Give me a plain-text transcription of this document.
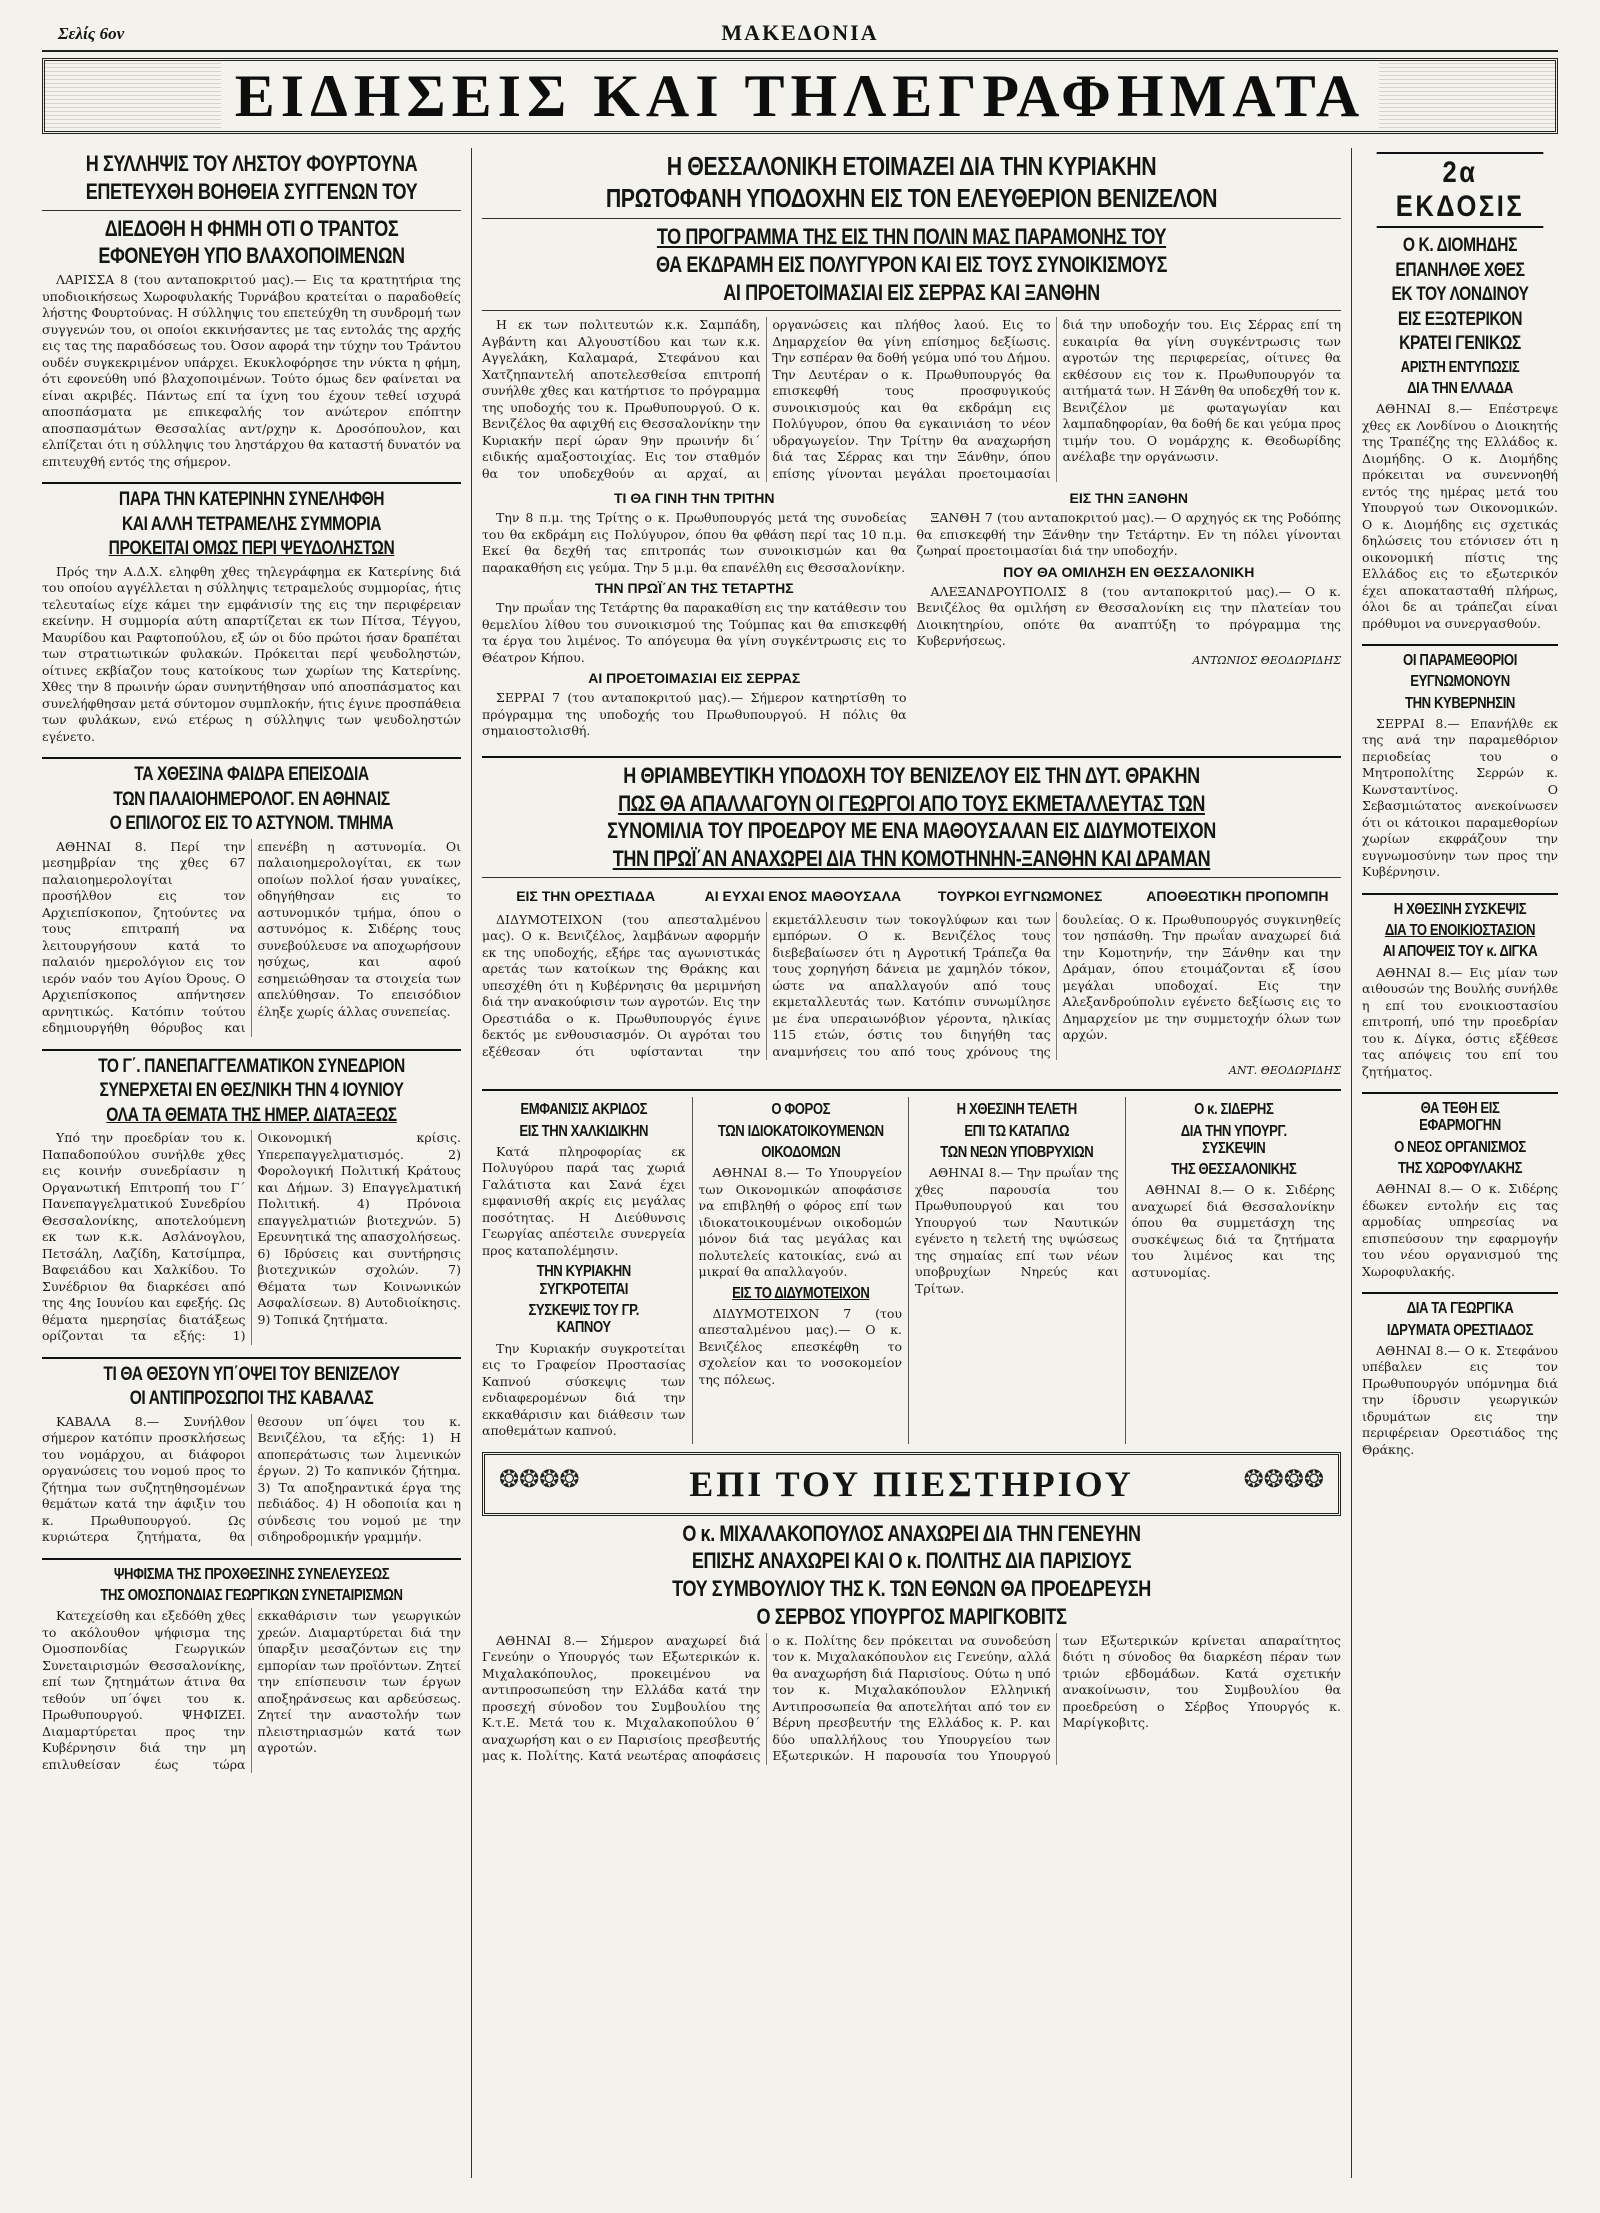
Σελίς 6ον	ΜΑΚΕΔΟΝΙΑ
ΕΙΔΗΣΕΙΣ ΚΑΙ ΤΗΛΕΓΡΑΦΗΜΑΤΑ
Η ΣΥΛΛΗΨΙΣ ΤΟΥ ΛΗΣΤΟΥ ΦΟΥΡΤΟΥΝΑ
ΕΠΕΤΕΥΧΘΗ ΒΟΗΘΕΙΑ ΣΥΓΓΕΝΩΝ ΤΟΥ
ΔΙΕΔΟΘΗ Η ΦΗΜΗ ΟΤΙ Ο ΤΡΑΝΤΟΣ
ΕΦΟΝΕΥΘΗ ΥΠΟ ΒΛΑΧΟΠΟΙΜΕΝΩΝ

ΛΑΡΙΣΣΑ 8 (του ανταποκριτού μας).— Εις τα κρατητήρια της υποδιοικήσεως Χωροφυλακής Τυρνάβου κρατείται ο παραδοθείς λήστης Φουρτούνας. Η σύλληψις του επετεύχθη τη συνδρομή των συγγενών του, οι οποίοι εκκινήσαντες με τας εντολάς της αρχής εις τας της παραδόσεως του. Όσον αφορά την τύχην του Τράντου ουδέν συγκεκριμένον υπάρχει. Εκυκλοφόρησε την νύκτα η φήμη, ότι εφονεύθη υπό βλαχοποιμένων. Τούτο όμως δεν φαίνεται να είναι ακριβές. Πάντως επί τα ίχνη του έχουν τεθεί ισχυρά αποσπάσματα με επικεφαλής τον ανώτερον επόπτην αποσπασμάτων Θεσσαλίας αντ/ρχην κ. Δροσόπουλον, και ελπίζεται ότι η σύλληψις του ληστάρχου θα καταστή δυνατόν να επιτευχθή εντός της σήμερον.

ΠΑΡΑ ΤΗΝ ΚΑΤΕΡΙΝΗΝ ΣΥΝΕΛΗΦΘΗ
ΚΑΙ ΑΛΛΗ ΤΕΤΡΑΜΕΛΗΣ ΣΥΜΜΟΡΙΑ
ΠΡΟΚΕΙΤΑΙ ΟΜΩΣ ΠΕΡΙ ΨΕΥΔΟΛΗΣΤΩΝ

Πρός την Α.Δ.Χ. εληφθη χθες τηλεγράφημα εκ Κατερίνης διά του οποίου αγγέλλεται η σύλληψις τετραμελούς συμμορίας, ήτις τελευταίως είχε κάμει την εμφάνισίν της εις την περιφέρειαν εκείνην. Η συμμορία αύτη απαρτίζεται εκ των Πίτσα, Τέγγου, Μαυρίδου και Ραφτοπούλου, εξ ών οι δύο πρώτοι ήσαν δραπέται των στρατιωτικών φυλακών. Πρόκειται περί ψευδοληστών, οίτινες εκβίαζον τους κατοίκους των χωρίων της Κατερίνης. Χθες την 8 πρωινήν ώραν συνηντήθησαν υπό αποσπάσματος και συνελήφθησαν μετά σύντομον συμπλοκήν, ήτις έγινε προσπάθεια των φυλάκων, ενώ ετέρως η σύλληψις των ψευδοληστών εγένετο.

ΤΑ ΧΘΕΣΙΝΑ ΦΑΙΔΡΑ ΕΠΕΙΣΟΔΙΑ
ΤΩΝ ΠΑΛΑΙΟΗΜΕΡΟΛΟΓ. ΕΝ ΑΘΗΝΑΙΣ
Ο ΕΠΙΛΟΓΟΣ ΕΙΣ ΤΟ ΑΣΤΥΝΟΜ. ΤΜΗΜΑ

ΑΘΗΝΑΙ 8. Περί την μεσημβρίαν της χθες 67 παλαιοημερολογίται προσήλθον εις τον Αρχιεπίσκοπον, ζητούντες να τους επιτραπή να λειτουργήσουν κατά το παλαιόν ημερολόγιον εις τον ιερόν ναόν του Αγίου Όρους. Ο Αρχιεπίσκοπος απήντησεν αρνητικώς. Κατόπιν τούτου εδημιουργήθη θόρυβος και επενέβη η αστυνομία. Οι παλαιοημερολογίται, εκ των οποίων πολλοί ήσαν γυναίκες, οδηγήθησαν εις το αστυνομικόν τμήμα, όπου ο αστυνόμος κ. Σιδέρης τους συνεβούλευσε να αποχωρήσουν ησύχως, και αφού εσημειώθησαν τα στοιχεία των απελύθησαν. Το επεισόδιον έληξε χωρίς άλλας συνεπείας.

ΤΟ Γ΄. ΠΑΝΕΠΑΓΓΕΛΜΑΤΙΚΟΝ ΣΥΝΕΔΡΙΟΝ
ΣΥΝΕΡΧΕΤΑΙ ΕΝ ΘΕΣ/ΝΙΚΗ ΤΗΝ 4 ΙΟΥΝΙΟΥ
ΟΛΑ ΤΑ ΘΕΜΑΤΑ ΤΗΣ ΗΜΕΡ. ΔΙΑΤΑΞΕΩΣ

Υπό την προεδρίαν του κ. Παπαδοπούλου συνήλθε χθες εις κοινήν συνεδρίασιν η Οργανωτική Επιτροπή του Γ΄ Πανεπαγγελματικού Συνεδρίου Θεσσαλονίκης, αποτελούμενη εκ των κ.κ. Ασλάνογλου, Πετσάλη, Λαζίδη, Κατσίμπρα, Βαφειάδου και Χαλκίδου. Το Συνέδριον θα διαρκέσει από της 4ης Ιουνίου και εφεξής. Ως θέματα ημερησίας διατάξεως ορίζονται τα εξής: 1) Οικονομική κρίσις. Υπερεπαγγελματισμός. 2) Φορολογική Πολιτική Κράτους και Δήμων. 3) Επαγγελματική Πολιτική. 4) Πρόνοια επαγγελματιών βιοτεχνών. 5) Ερευνητικά της απασχολήσεως. 6) Ιδρύσεις και συντήρησις βιοτεχνικών σχολών. 7) Θέματα των Κοινωνικών Ασφαλίσεων. 8) Αυτοδιοίκησις. 9) Τοπικά ζητήματα.

ΤΙ ΘΑ ΘΕΣΟΥΝ ΥΠ΄ΟΨΕΙ ΤΟΥ ΒΕΝΙΖΕΛΟΥ
ΟΙ ΑΝΤΙΠΡΟΣΩΠΟΙ ΤΗΣ ΚΑΒΑΛΑΣ

ΚΑΒΑΛΑ 8.— Συνήλθον σήμερον κατόπιν προσκλήσεως του νομάρχου, αι διάφοροι οργανώσεις του νομού προς το ζήτημα των συζητηθησομένων θεμάτων κατά την άφιξιν του κ. Πρωθυπουργού. Ως κυριώτερα ζητήματα, θα θεσουν υπ΄όψει του κ. Βενιζέλου, τα εξής: 1) Η αποπεράτωσις των λιμενικών έργων. 2) Το καπνικόν ζήτημα. 3) Τα αποξηραντικά έργα της πεδιάδος. 4) Η οδοποιία και η σύνδεσις του νομού με την σιδηροδρομικήν γραμμήν.

ΨΗΦΙΣΜΑ ΤΗΣ ΠΡΟΧΘΕΣΙΝΗΣ ΣΥΝΕΛΕΥΣΕΩΣ
ΤΗΣ ΟΜΟΣΠΟΝΔΙΑΣ ΓΕΩΡΓΙΚΩΝ ΣΥΝΕΤΑΙΡΙΣΜΩΝ

Κατεχείσθη και εξεδόθη χθες το ακόλουθον ψήφισμα της Ομοσπονδίας Γεωργικών Συνεταιρισμών Θεσσαλονίκης, επί των ζητημάτων άτινα θα τεθούν υπ΄όψει του κ. Πρωθυπουργού. ΨΗΦΙΖΕΙ. Διαμαρτύρεται προς την Κυβέρνησιν διά την μη επιλυθείσαν έως τώρα εκκαθάρισιν των γεωργικών χρεών. Διαμαρτύρεται διά την ύπαρξιν μεσαζόντων εις την εμπορίαν των προϊόντων. Ζητεί την επίσπευσιν των έργων αποξηράνσεως και αρδεύσεως. Ζητεί την αναστολήν των πλειστηριασμών κατά των αγροτών.

Η ΘΕΣΣΑΛΟΝΙΚΗ ΕΤΟΙΜΑΖΕΙ ΔΙΑ ΤΗΝ ΚΥΡΙΑΚΗΝ
ΠΡΩΤΟΦΑΝΗ ΥΠΟΔΟΧΗΝ ΕΙΣ ΤΟΝ ΕΛΕΥΘΕΡΙΟΝ ΒΕΝΙΖΕΛΟΝ
ΤΟ ΠΡΟΓΡΑΜΜΑ ΤΗΣ ΕΙΣ ΤΗΝ ΠΟΛΙΝ ΜΑΣ ΠΑΡΑΜΟΝΗΣ ΤΟΥ
ΘΑ ΕΚΔΡΑΜΗ ΕΙΣ ΠΟΛΥΓΥΡΟΝ ΚΑΙ ΕΙΣ ΤΟΥΣ ΣΥΝΟΙΚΙΣΜΟΥΣ
ΑΙ ΠΡΟΕΤΟΙΜΑΣΙΑΙ ΕΙΣ ΣΕΡΡΑΣ ΚΑΙ ΞΑΝΘΗΝ

Η εκ των πολιτευτών κ.κ. Σαμπάδη, Αγβάντη και Αλγουστίδου και των κ.κ. Αγγελάκη, Καλαμαρά, Στεφάνου και Χατζηπαντελή αποτελεσθείσα επιτροπή συνήλθε χθες και κατήρτισε το πρόγραμμα της υποδοχής του κ. Πρωθυπουργού. Ο κ. Βενιζέλος θα αφιχθή εις Θεσσαλονίκην την Κυριακήν περί ώραν 9ην πρωινήν δι΄ ειδικής αμαξοστοιχίας. Εις τον σταθμόν θα τον υποδεχθούν αι αρχαί, αι οργανώσεις και πλήθος λαού. Εις το Δημαρχείον θα γίνη επίσημος δεξίωσις. Την εσπέραν θα δοθή γεύμα υπό του Δήμου. Την Δευτέραν ο κ. Πρωθυπουργός θα επισκεφθή τους προσφυγικούς συνοικισμούς και θα εκδράμη εις Πολύγυρον, όπου θα εγκαινιάση το νέον υδραγωγείον. Την Τρίτην θα αναχωρήση διά τας Σέρρας και την Ξάνθην, όπου επίσης γίνονται μεγάλαι προετοιμασίαι διά την υποδοχήν του. Εις Σέρρας επί τη ευκαιρία θα γίνη συγκέντρωσις των αγροτών της περιφερείας, οίτινες θα εκθέσουν εις τον κ. Πρωθυπουργόν τα αιτήματά των. Η Ξάνθη θα υποδεχθή τον κ. Βενιζέλον με φωταγωγίαν και λαμπαδηφορίαν, θα δοθή δε και γεύμα προς τιμήν του. Ο νομάρχης κ. Θεοδωρίδης ανέλαβε την οργάνωσιν.

ΤΙ ΘΑ ΓΙΝΗ ΤΗΝ ΤΡΙΤΗΝ

Την 8 π.μ. της Τρίτης ο κ. Πρωθυπουργός μετά της συνοδείας του θα εκδράμη εις Πολύγυρον, όπου θα φθάση περί τας 10 π.μ. Εκεί θα δεχθή τας επιτροπάς των συνοικισμών και θα παρακαθήση εις γεύμα. Την 5 μ.μ. θα επανέλθη εις Θεσσαλονίκην.

ΤΗΝ ΠΡΩΪ΄ΑΝ ΤΗΣ ΤΕΤΑΡΤΗΣ

Την πρωΐαν της Τετάρτης θα παρακαθίση εις την κατάθεσιν του θεμελίου λίθου του συνοικισμού της Τούμπας και θα επισκεφθή τα έργα του λιμένος. Το απόγευμα θα γίνη συγκέντρωσις εις το Θέατρον Κήπου.

ΑΙ ΠΡΟΕΤΟΙΜΑΣΙΑΙ ΕΙΣ ΣΕΡΡΑΣ

ΣΕΡΡΑΙ 7 (του ανταποκριτού μας).— Σήμερον κατηρτίσθη το πρόγραμμα της υποδοχής του Πρωθυπουργού. Η πόλις θα σημαιοστολισθή.

ΕΙΣ ΤΗΝ ΞΑΝΘΗΝ

ΞΑΝΘΗ 7 (του ανταποκριτού μας).— Ο αρχηγός εκ της Ροδόπης θα επισκεφθή την Ξάνθην την Τετάρτην. Εν τη πόλει γίνονται ζωηραί προετοιμασίαι διά την υποδοχήν.

ΠΟΥ ΘΑ ΟΜΙΛΗΣΗ ΕΝ ΘΕΣΣΑΛΟΝΙΚΗ

ΑΛΕΞΑΝΔΡΟΥΠΟΛΙΣ 8 (του ανταποκριτού μας).— Ο κ. Βενιζέλος θα ομιλήση εν Θεσσαλονίκη εις την πλατείαν του Διοικητηρίου, οπότε θα αναπτύξη το πρόγραμμα της Κυβερνήσεως.

ΑΝΤΩΝΙΟΣ ΘΕΟΔΩΡΙΔΗΣ
Η ΘΡΙΑΜΒΕΥΤΙΚΗ ΥΠΟΔΟΧΗ ΤΟΥ ΒΕΝΙΖΕΛΟΥ ΕΙΣ ΤΗΝ ΔΥΤ. ΘΡΑΚΗΝ
ΠΩΣ ΘΑ ΑΠΑΛΛΑΓΟΥΝ ΟΙ ΓΕΩΡΓΟΙ ΑΠΟ ΤΟΥΣ ΕΚΜΕΤΑΛΛΕΥΤΑΣ ΤΩΝ
ΣΥΝΟΜΙΛΙΑ ΤΟΥ ΠΡΟΕΔΡΟΥ ΜΕ ΕΝΑ ΜΑΘΟΥΣΑΛΑΝ ΕΙΣ ΔΙΔΥΜΟΤΕΙΧΟΝ
ΤΗΝ ΠΡΩΪ΄ΑΝ ΑΝΑΧΩΡΕΙ ΔΙΑ ΤΗΝ ΚΟΜΟΤΗΝΗΝ-ΞΑΝΘΗΝ ΚΑΙ ΔΡΑΜΑΝ
ΕΙΣ ΤΗΝ ΟΡΕΣΤΙΑΔΑ	ΑΙ ΕΥΧΑΙ ΕΝΟΣ ΜΑΘΟΥΣΑΛΑ	ΤΟΥΡΚΟΙ ΕΥΓΝΩΜΟΝΕΣ	ΑΠΟΘΕΩΤΙΚΗ ΠΡΟΠΟΜΠΗ

ΔΙΔΥΜΟΤΕΙΧΟΝ (του απεσταλμένου μας). Ο κ. Βενιζέλος, λαμβάνων αφορμήν εκ της υποδοχής, εξήρε τας αγωνιστικάς αρετάς των κατοίκων της Θράκης και υπεσχέθη ότι η Κυβέρνησις θα μεριμνήση διά την ανακούφισιν των αγροτών. Εις την Ορεστιάδα ο κ. Πρωθυπουργός έγινε δεκτός με ενθουσιασμόν. Οι αγρόται του εξέθεσαν ότι υφίστανται την εκμετάλλευσιν των τοκογλύφων και των εμπόρων. Ο κ. Βενιζέλος τους διεβεβαίωσεν ότι η Αγροτική Τράπεζα θα τους χορηγήση δάνεια με χαμηλόν τόκον, ώστε να απαλλαγούν από τους εκμεταλλευτάς των. Κατόπιν συνωμίλησε με ένα υπεραιωνόβιον γέροντα, ηλικίας 115 ετών, όστις του διηγήθη τας αναμνήσεις του από τους χρόνους της δουλείας. Ο κ. Πρωθυπουργός συγκινηθείς τον ησπάσθη. Την πρωΐαν αναχωρεί διά την Κομοτηνήν, την Ξάνθην και την Δράμαν, όπου ετοιμάζονται εξ ίσου μεγάλαι υποδοχαί. Εις την Αλεξανδρούπολιν εγένετο δεξίωσις εις το Δημαρχείον με την συμμετοχήν όλων των αρχών.

ΑΝΤ. ΘΕΟΔΩΡΙΔΗΣ
ΕΜΦΑΝΙΣΙΣ ΑΚΡΙΔΟΣ
ΕΙΣ ΤΗΝ ΧΑΛΚΙΔΙΚΗΝ

Κατά πληροφορίας εκ Πολυγύρου παρά τας χωριά Γαλάτιστα και Σανά έχει εμφανισθή ακρίς εις μεγάλας ποσότητας. Η Διεύθυνσις Γεωργίας απέστειλε συνεργεία προς καταπολέμησιν.

ΤΗΝ ΚΥΡΙΑΚΗΝ ΣΥΓΚΡΟΤΕΙΤΑΙ
ΣΥΣΚΕΨΙΣ ΤΟΥ ΓΡ. ΚΑΠΝΟΥ

Την Κυριακήν συγκροτείται εις το Γραφείον Προστασίας Καπνού σύσκεψις των ενδιαφερομένων διά την εκκαθάρισιν και διάθεσιν των αποθεμάτων καπνού.

Ο ΦΟΡΟΣ
ΤΩΝ ΙΔΙΟΚΑΤΟΙΚΟΥΜΕΝΩΝ
ΟΙΚΟΔΟΜΩΝ

ΑΘΗΝΑΙ 8.— Το Υπουργείον των Οικονομικών αποφάσισε να επιβληθή ο φόρος επί των ιδιοκατοικουμένων οικοδομών μόνον διά τας μεγάλας και πολυτελείς κατοικίας, ενώ αι μικραί θα απαλλαγούν.

ΕΙΣ ΤΟ ΔΙΔΥΜΟΤΕΙΧΟΝ

ΔΙΔΥΜΟΤΕΙΧΟΝ 7 (του απεσταλμένου μας).— Ο κ. Βενιζέλος επεσκέφθη το σχολείον και το νοσοκομείον της πόλεως.

Η ΧΘΕΣΙΝΗ ΤΕΛΕΤΗ
ΕΠΙ ΤΩ ΚΑΤΑΠΛΩ
ΤΩΝ ΝΕΩΝ ΥΠΟΒΡΥΧΙΩΝ

ΑΘΗΝΑΙ 8.— Την πρωΐαν της χθες παρουσία του Πρωθυπουργού και του Υπουργού των Ναυτικών εγένετο η τελετή της υψώσεως της σημαίας επί των νέων υποβρυχίων Νηρεύς και Τρίτων.

Ο κ. ΣΙΔΕΡΗΣ
ΔΙΑ ΤΗΝ ΥΠΟΥΡΓ. ΣΥΣΚΕΨΙΝ
ΤΗΣ ΘΕΣΣΑΛΟΝΙΚΗΣ

ΑΘΗΝΑΙ 8.— Ο κ. Σιδέρης αναχωρεί διά Θεσσαλονίκην όπου θα συμμετάσχη της συσκέψεως διά τα ζητήματα του λιμένος και της αστυνομίας.

❂❂❂❂	ΕΠΙ ΤΟΥ ΠΙΕΣΤΗΡΙΟΥ	❂❂❂❂
Ο κ. ΜΙΧΑΛΑΚΟΠΟΥΛΟΣ ΑΝΑΧΩΡΕΙ ΔΙΑ ΤΗΝ ΓΕΝΕΥΗΝ
ΕΠΙΣΗΣ ΑΝΑΧΩΡΕΙ ΚΑΙ Ο κ. ΠΟΛΙΤΗΣ ΔΙΑ ΠΑΡΙΣΙΟΥΣ
ΤΟΥ ΣΥΜΒΟΥΛΙΟΥ ΤΗΣ Κ. ΤΩΝ ΕΘΝΩΝ ΘΑ ΠΡΟΕΔΡΕΥΣΗ
Ο ΣΕΡΒΟΣ ΥΠΟΥΡΓΟΣ ΜΑΡΙΓΚΟΒΙΤΣ

ΑΘΗΝΑΙ 8.— Σήμερον αναχωρεί διά Γενεύην ο Υπουργός των Εξωτερικών κ. Μιχαλακόπουλος, προκειμένου να αντιπροσωπεύση την Ελλάδα κατά την προσεχή σύνοδον του Συμβουλίου της Κ.τ.Ε. Μετά του κ. Μιχαλακοπούλου θ΄ αναχωρήση και ο εν Παρισίοις πρεσβευτής μας κ. Πολίτης. Κατά νεωτέρας αποφάσεις ο κ. Πολίτης δεν πρόκειται να συνοδεύση τον κ. Μιχαλακόπουλον εις Γενεύην, αλλά θα αναχωρήση διά Παρισίους. Ούτω η υπό τον κ. Μιχαλακόπουλον Ελληνική Αντιπροσωπεία θα αποτελήται από τον εν Βέρνη πρεσβευτήν της Ελλάδος κ. Ρ. και δύο υπαλλήλους του Υπουργείου των Εξωτερικών. Η παρουσία του Υπουργού των Εξωτερικών κρίνεται απαραίτητος διότι η σύνοδος θα διαρκέση πέραν των τριών εβδομάδων. Κατά σχετικήν ανακοίνωσιν, του Συμβουλίου θα προεδρεύση ο Σέρβος Υπουργός κ. Μαρίγκοβιτς.

2α ΕΚΔΟΣΙΣ
Ο Κ. ΔΙΟΜΗΔΗΣ
ΕΠΑΝΗΛΘΕ ΧΘΕΣ
ΕΚ ΤΟΥ ΛΟΝΔΙΝΟΥ
ΕΙΣ ΕΞΩΤΕΡΙΚΟΝ
ΚΡΑΤΕΙ ΓΕΝΙΚΩΣ
ΑΡΙΣΤΗ ΕΝΤΥΠΩΣΙΣ
ΔΙΑ ΤΗΝ ΕΛΛΑΔΑ

ΑΘΗΝΑΙ 8.— Επέστρεψε χθες εκ Λονδίνου ο Διοικητής της Τραπέζης της Ελλάδος κ. Διομήδης. Ο κ. Διομήδης πρόκειται να συνεννοηθή εντός της ημέρας μετά του Υπουργού των Οικονομικών. Ο κ. Διομήδης εις σχετικάς δηλώσεις του ετόνισεν ότι η οικονομική πίστις της Ελλάδος εις το εξωτερικόν έχει αποκατασταθή πλήρως, όλοι δε αι τράπεζαι είναι πρόθυμοι να συνεργασθούν.

ΟΙ ΠΑΡΑΜΕΘΟΡΙΟΙ
ΕΥΓΝΩΜΟΝΟΥΝ
ΤΗΝ ΚΥΒΕΡΝΗΣΙΝ

ΣΕΡΡΑΙ 8.— Επανήλθε εκ της ανά την παραμεθόριον περιοδείας του ο Μητροπολίτης Σερρών κ. Κωνσταντίνος. Ο Σεβασμιώτατος ανεκοίνωσεν ότι οι κάτοικοι παραμεθορίων χωρίων εκφράζουν την ευγνωμοσύνην των προς την Κυβέρνησιν.

Η ΧΘΕΣΙΝΗ ΣΥΣΚΕΨΙΣ
ΔΙΑ ΤΟ ΕΝΟΙΚΙΟΣΤΑΣΙΟΝ
ΑΙ ΑΠΟΨΕΙΣ ΤΟΥ κ. ΔΙΓΚΑ

ΑΘΗΝΑΙ 8.— Εις μίαν των αιθουσών της Βουλής συνήλθε η επί του ενοικιοστασίου επιτροπή, υπό την προεδρίαν του κ. Δίγκα, όστις εξέθεσε τας απόψεις του επί του ζητήματος.

ΘΑ ΤΕΘΗ ΕΙΣ ΕΦΑΡΜΟΓΗΝ
Ο ΝΕΟΣ ΟΡΓΑΝΙΣΜΟΣ
ΤΗΣ ΧΩΡΟΦΥΛΑΚΗΣ

ΑΘΗΝΑΙ 8.— Ο κ. Σιδέρης έδωκεν εντολήν εις τας αρμοδίας υπηρεσίας να επισπεύσουν την εφαρμογήν του νέου οργανισμού της Χωροφυλακής.

ΔΙΑ ΤΑ ΓΕΩΡΓΙΚΑ
ΙΔΡΥΜΑΤΑ ΟΡΕΣΤΙΑΔΟΣ

ΑΘΗΝΑΙ 8.— Ο κ. Στεφάνου υπέβαλεν εις τον Πρωθυπουργόν υπόμνημα διά την ίδρυσιν γεωργικών ιδρυμάτων εις την περιφέρειαν Ορεστιάδος της Θράκης.
